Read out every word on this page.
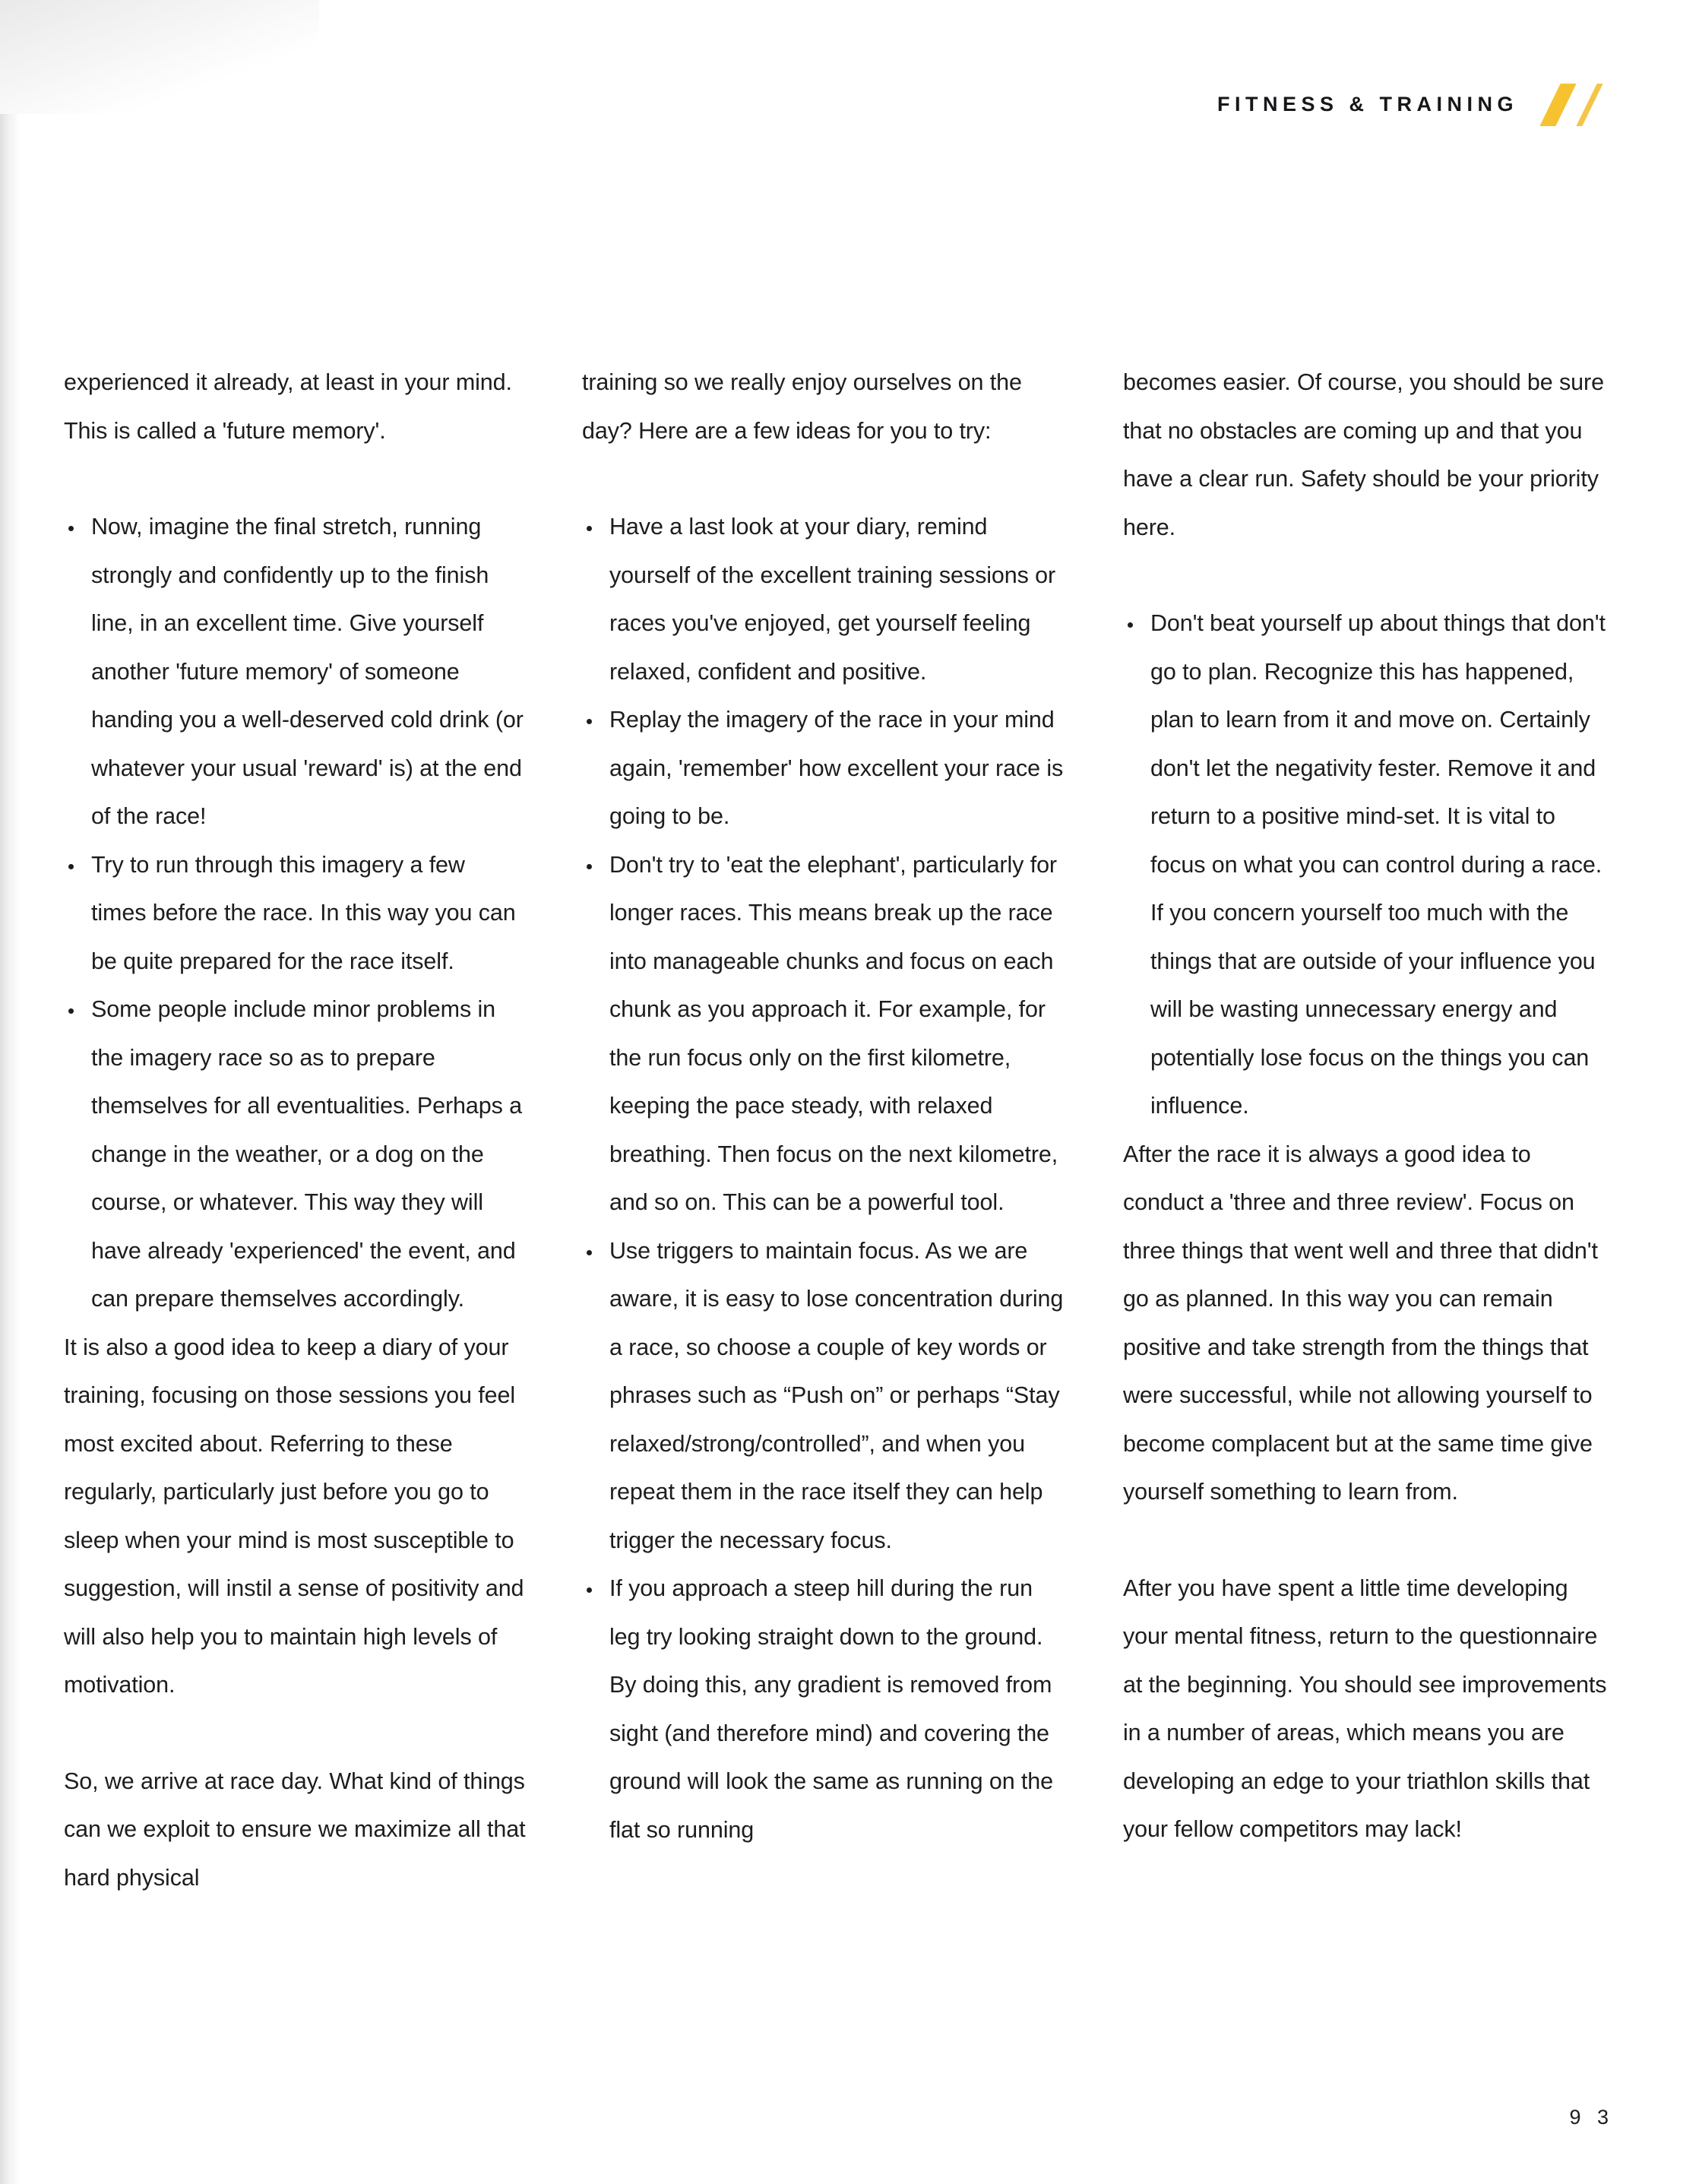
FITNESS & TRAINING

experienced it already, at least in your mind. This is called a 'future memory'.

Now, imagine the final stretch, running strongly and confidently up to the finish line, in an excellent time. Give yourself another 'future memory' of someone handing you a well-deserved cold drink (or whatever your usual 'reward' is) at the end of the race!
Try to run through this imagery a few times before the race. In this way you can be quite prepared for the race itself.
Some people include minor problems in the imagery race so as to prepare themselves for all eventualities. Perhaps a change in the weather, or a dog on the course, or whatever. This way they will have already 'experienced' the event, and can prepare themselves accordingly.

It is also a good idea to keep a diary of your training, focusing on those sessions you feel most excited about. Referring to these regularly, particularly just before you go to sleep when your mind is most susceptible to suggestion, will instil a sense of positivity and will also help you to maintain high levels of motivation.

So, we arrive at race day. What kind of things can we exploit to ensure we maximize all that hard physical

training so we really enjoy ourselves on the day? Here are a few ideas for you to try:

Have a last look at your diary, remind yourself of the excellent training sessions or races you've enjoyed, get yourself feeling relaxed, confident and positive.
Replay the imagery of the race in your mind again, 'remember' how excellent your race is going to be.
Don't try to 'eat the elephant', particularly for longer races. This means break up the race into manageable chunks and focus on each chunk as you approach it. For example, for the run focus only on the first kilometre, keeping the pace steady, with relaxed breathing. Then focus on the next kilometre, and so on. This can be a powerful tool.
Use triggers to maintain focus. As we are aware, it is easy to lose concentration during a race, so choose a couple of key words or phrases such as “Push on” or perhaps “Stay relaxed/strong/controlled”, and when you repeat them in the race itself they can help trigger the necessary focus.
If you approach a steep hill during the run leg try looking straight down to the ground. By doing this, any gradient is removed from sight (and therefore mind) and covering the ground will look the same as running on the flat so running

becomes easier. Of course, you should be sure that no obstacles are coming up and that you have a clear run. Safety should be your priority here.

Don't beat yourself up about things that don't go to plan. Recognize this has happened, plan to learn from it and move on. Certainly don't let the negativity fester. Remove it and return to a positive mind-set. It is vital to focus on what you can control during a race. If you concern yourself too much with the things that are outside of your influence you will be wasting unnecessary energy and potentially lose focus on the things you can influence.

After the race it is always a good idea to conduct a 'three and three review'. Focus on three things that went well and three that didn't go as planned. In this way you can remain positive and take strength from the things that were successful, while not allowing yourself to become complacent but at the same time give yourself something to learn from.

After you have spent a little time developing your mental fitness, return to the questionnaire at the beginning. You should see improvements in a number of areas, which means you are developing an edge to your triathlon skills that your fellow competitors may lack!

9 3
